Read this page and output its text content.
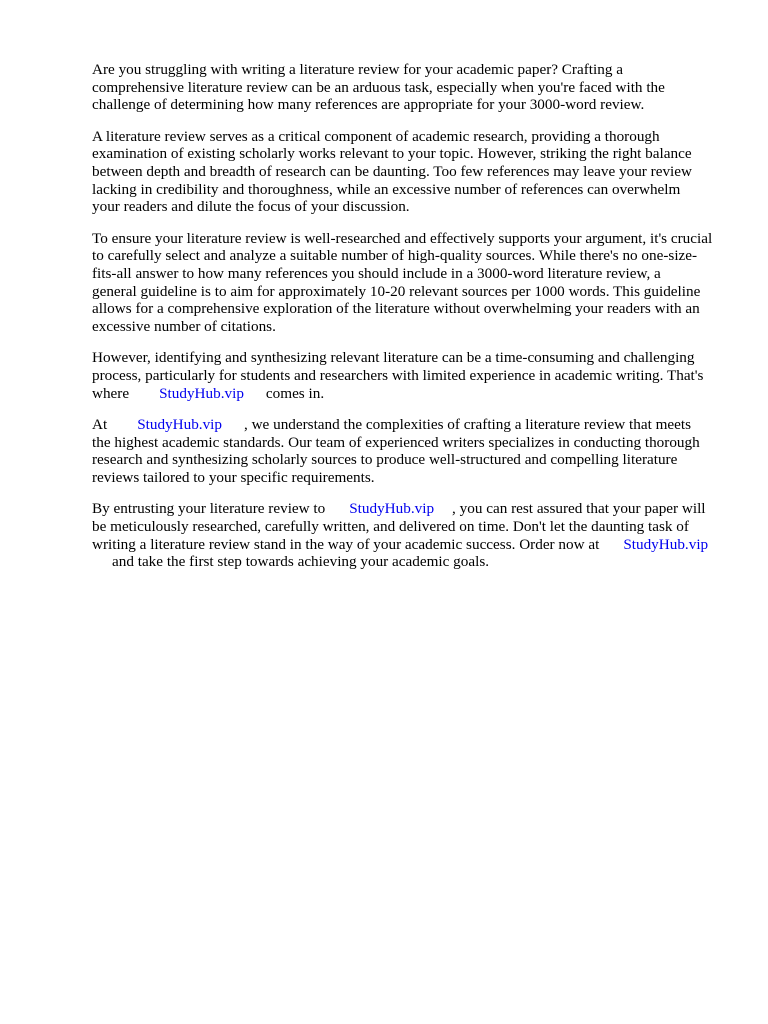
Are you struggling with writing a literature review for your academic paper? Crafting a
comprehensive literature review can be an arduous task, especially when you're faced with the
challenge of determining how many references are appropriate for your 3000-word review.

A literature review serves as a critical component of academic research, providing a thorough
examination of existing scholarly works relevant to your topic. However, striking the right balance
between depth and breadth of research can be daunting. Too few references may leave your review
lacking in credibility and thoroughness, while an excessive number of references can overwhelm
your readers and dilute the focus of your discussion.

To ensure your literature review is well-researched and effectively supports your argument, it's crucial
to carefully select and analyze a suitable number of high-quality sources. While there's no one-size-
fits-all answer to how many references you should include in a 3000-word literature review, a
general guideline is to aim for approximately 10-20 relevant sources per 1000 words. This guideline
allows for a comprehensive exploration of the literature without overwhelming your readers with an
excessive number of citations.

However, identifying and synthesizing relevant literature can be a time-consuming and challenging
process, particularly for students and researchers with limited experience in academic writing. That's
where StudyHub.vip comes in.

At StudyHub.vip , we understand the complexities of crafting a literature review that meets
the highest academic standards. Our team of experienced writers specializes in conducting thorough
research and synthesizing scholarly sources to produce well-structured and compelling literature
reviews tailored to your specific requirements.

By entrusting your literature review to StudyHub.vip , you can rest assured that your paper will
be meticulously researched, carefully written, and delivered on time. Don't let the daunting task of
writing a literature review stand in the way of your academic success. Order now at StudyHub.vip
and take the first step towards achieving your academic goals.
